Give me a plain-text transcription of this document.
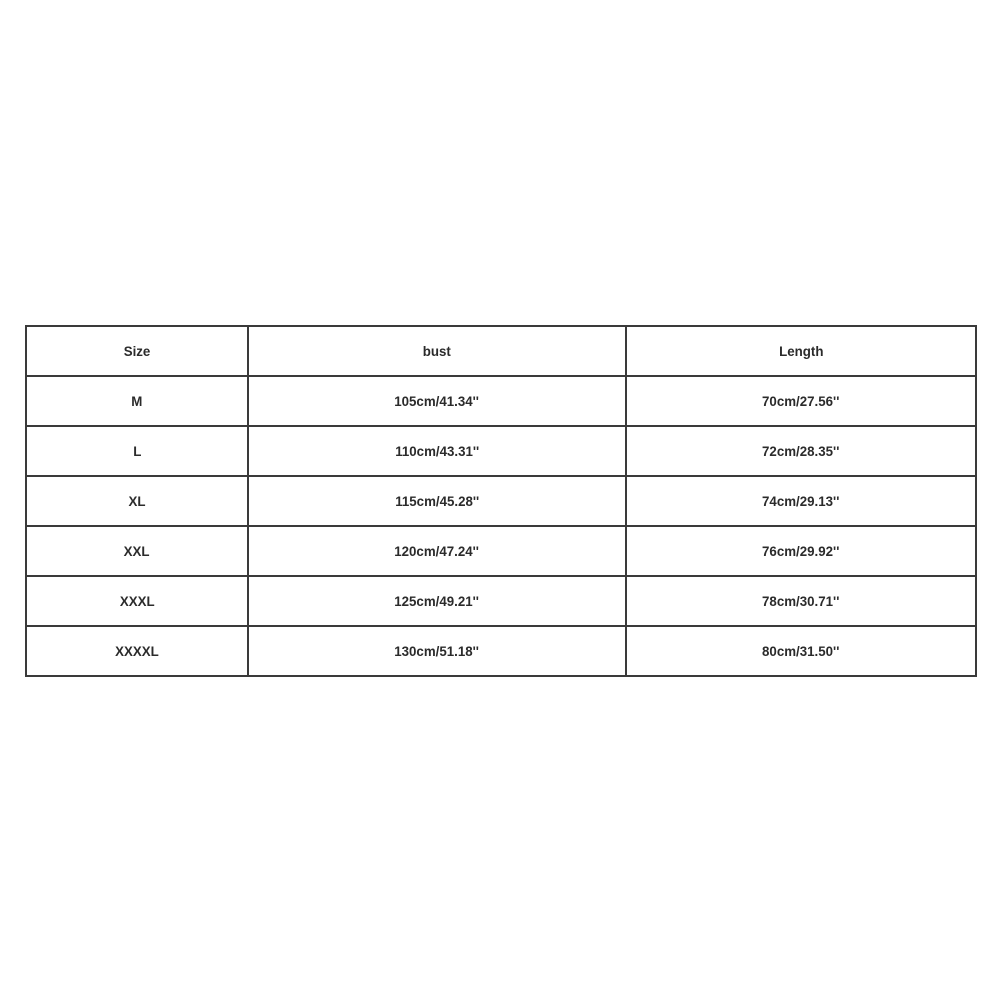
Size	bust	Length
M	105cm/41.34''	70cm/27.56''
L	110cm/43.31''	72cm/28.35''
XL	115cm/45.28''	74cm/29.13''
XXL	120cm/47.24''	76cm/29.92''
XXXL	125cm/49.21''	78cm/30.71''
XXXXL	130cm/51.18''	80cm/31.50''
